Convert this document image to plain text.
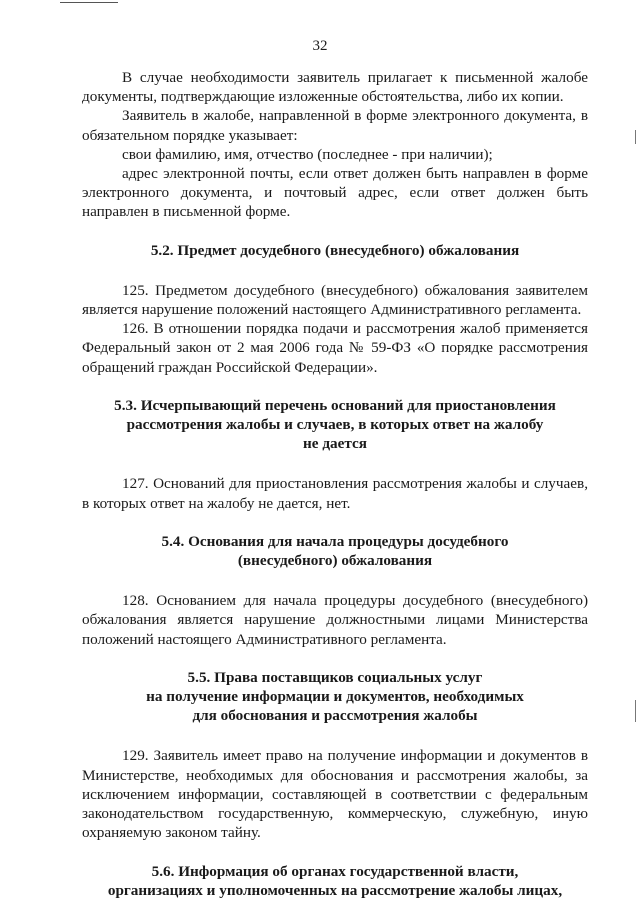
32

В случае необходимости заявитель прилагает к письменной жалобе документы, подтверждающие изложенные обстоятельства, либо их копии.

Заявитель в жалобе, направленной в форме электронного документа, в обязательном порядке указывает:

свои фамилию, имя, отчество (последнее - при наличии);

адрес электронной почты, если ответ должен быть направлен в форме электронного документа, и почтовый адрес, если ответ должен быть направлен в письменной форме.

5.2. Предмет досудебного (внесудебного) обжалования

125. Предметом досудебного (внесудебного) обжалования заявителем является нарушение положений настоящего Административного регламента.

126. В отношении порядка подачи и рассмотрения жалоб применяется Федеральный закон от 2 мая 2006 года № 59-ФЗ «О порядке рассмотрения обращений граждан Российской Федерации».

5.3. Исчерпывающий перечень оснований для приостановления
рассмотрения жалобы и случаев, в которых ответ на жалобу
не дается

127. Оснований для приостановления рассмотрения жалобы и случаев, в которых ответ на жалобу не дается, нет.

5.4. Основания для начала процедуры досудебного
(внесудебного) обжалования

128. Основанием для начала процедуры досудебного (внесудебного) обжалования является нарушение должностными лицами Министерства положений настоящего Административного регламента.

5.5. Права поставщиков социальных услуг
на получение информации и документов, необходимых
для обоснования и рассмотрения жалобы

129. Заявитель имеет право на получение информации и документов в Министерстве, необходимых для обоснования и рассмотрения жалобы, за исключением информации, составляющей в соответствии с федеральным законодательством государственную, коммерческую, служебную, иную охраняемую законом тайну.

5.6. Информация об органах государственной власти,
организациях и уполномоченных на рассмотрение жалобы лицах,
